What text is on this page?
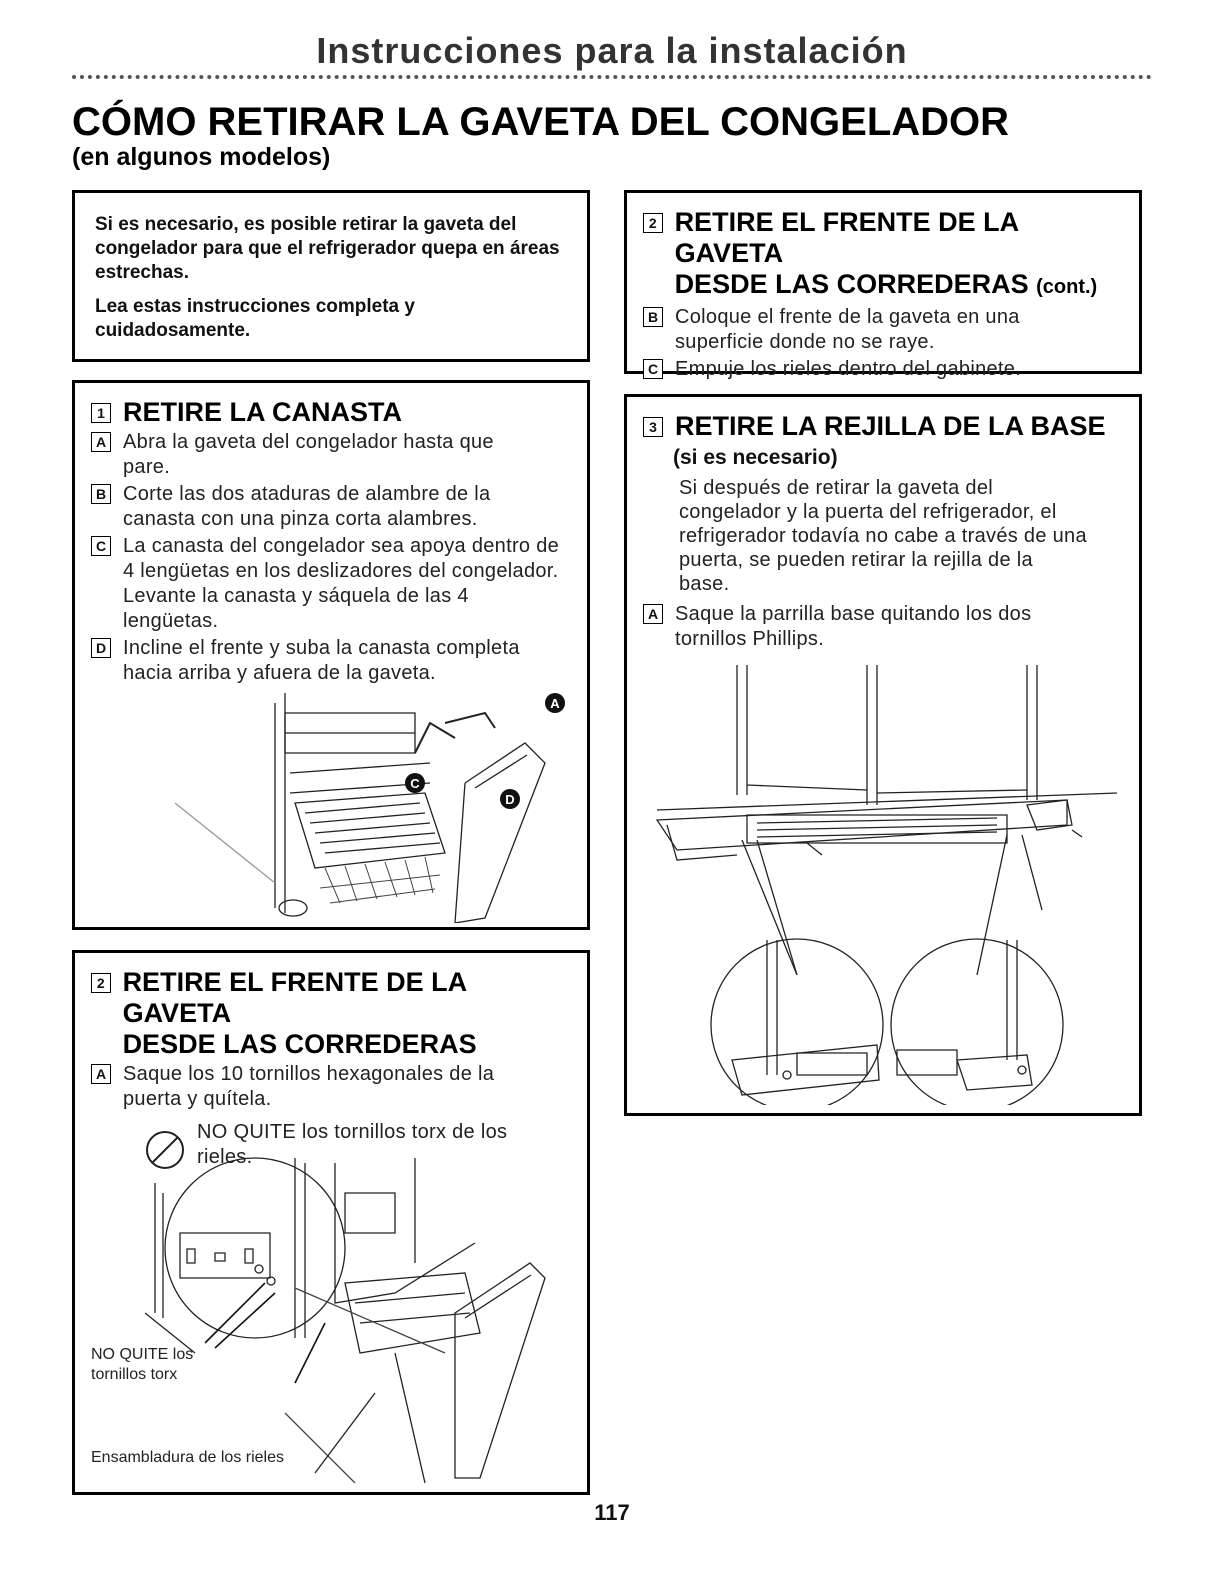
Instrucciones para la instalación
CÓMO RETIRAR LA GAVETA DEL CONGELADOR
(en algunos modelos)

Si es necesario, es posible retirar la gaveta del congelador para que el refrigerador quepa en áreas estrechas.

Lea estas instrucciones completa y cuidadosamente.

1 RETIRE LA CANASTA
A Abra la gaveta del congelador hasta que pare.
B Corte las dos ataduras de alambre de la canasta con una pinza corta alambres.
C La canasta del congelador sea apoya dentro de 4 lengüetas en los deslizadores del congelador. Levante la canasta y sáquela de las 4 lengüetas.
D Incline el frente y suba la canasta completa hacia arriba y afuera de la gaveta.
A
C
D
2 RETIRE EL FRENTE DE LA GAVETA
DESDE LAS CORREDERAS
A Saque los 10 tornillos hexagonales de la puerta y quítela.
NO QUITE los tornillos torx de los rieles.
NO QUITE los tornillos torx
Ensambladura de los rieles
2 RETIRE EL FRENTE DE LA GAVETA
DESDE LAS CORREDERAS (cont.)
B Coloque el frente de la gaveta en una superficie donde no se raye.
C Empuje los rieles dentro del gabinete.
3 RETIRE LA REJILLA DE LA BASE
(si es necesario)
Si después de retirar la gaveta del congelador y la puerta del refrigerador, el refrigerador todavía no cabe a través de una puerta, se pueden retirar la rejilla de la base.
A Saque la parrilla base quitando los dos tornillos Phillips.
117
